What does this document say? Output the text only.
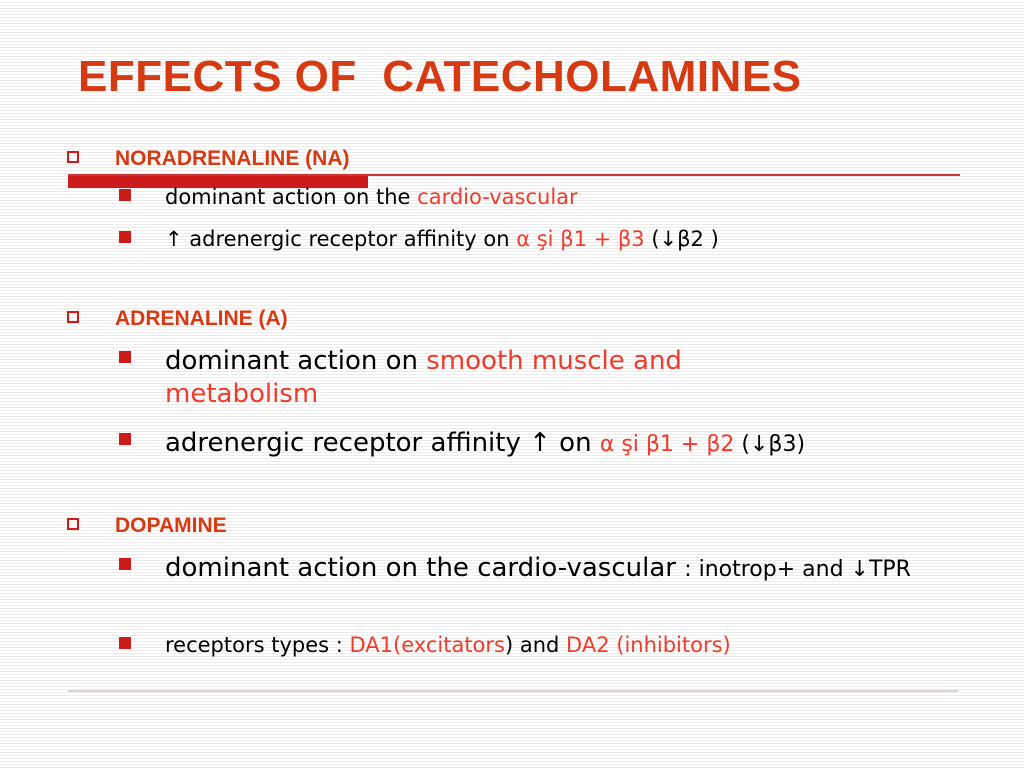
EFFECTS OF  CATECHOLAMINES
NORADRENALINE (NA)
dominant action on the cardio-vascular
↑ adrenergic receptor affinity on α şi β1 + β3 (↓β2 )
ADRENALINE (A)
dominant action on smooth muscle and metabolism
adrenergic receptor affinity ↑ on α şi β1 + β2 (↓β3)
DOPAMINE
dominant action on the cardio-vascular : inotrop+ and ↓TPR
receptors types : DA1(excitators) and DA2 (inhibitors)
